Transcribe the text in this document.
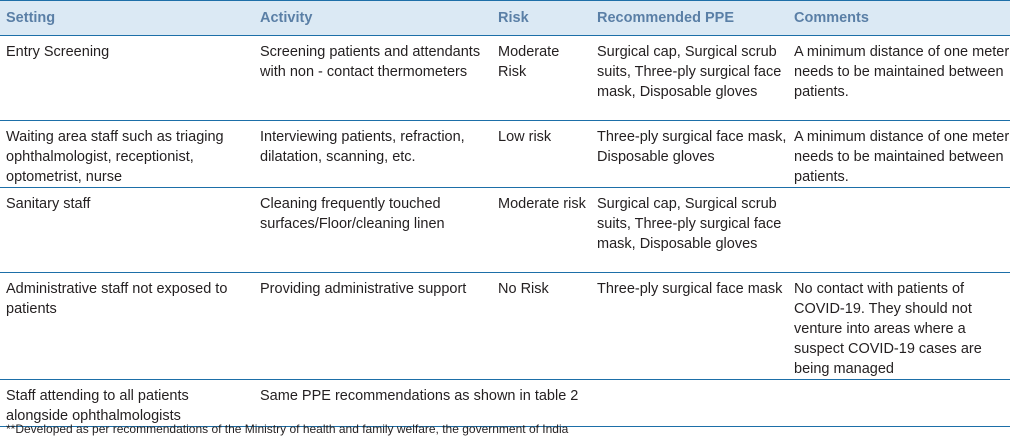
Setting	Activity	Risk	Recommended PPE	Comments
Entry Screening	Screening patients and attendants with non - contact thermometers	Moderate Risk	Surgical cap, Surgical scrub suits, Three-ply surgical face mask, Disposable gloves	A minimum distance of one meter needs to be maintained between patients.
Waiting area staff such as triaging ophthalmologist, receptionist, optometrist, nurse	Interviewing patients, refraction, dilatation, scanning, etc.	Low risk	Three-ply surgical face mask, Disposable gloves	A minimum distance of one meter needs to be maintained between patients.
Sanitary staff	Cleaning frequently touched surfaces/Floor/cleaning linen	Moderate risk	Surgical cap, Surgical scrub suits, Three-ply surgical face mask, Disposable gloves	
Administrative staff not exposed to patients	Providing administrative support	No Risk	Three-ply surgical face mask	No contact with patients of COVID-19. They should not venture into areas where a suspect COVID-19 cases are being managed
Staff attending to all patients alongside ophthalmologists	Same PPE recommendations as shown in table 2			
**Developed as per recommendations of the Ministry of health and family welfare, the government of India
